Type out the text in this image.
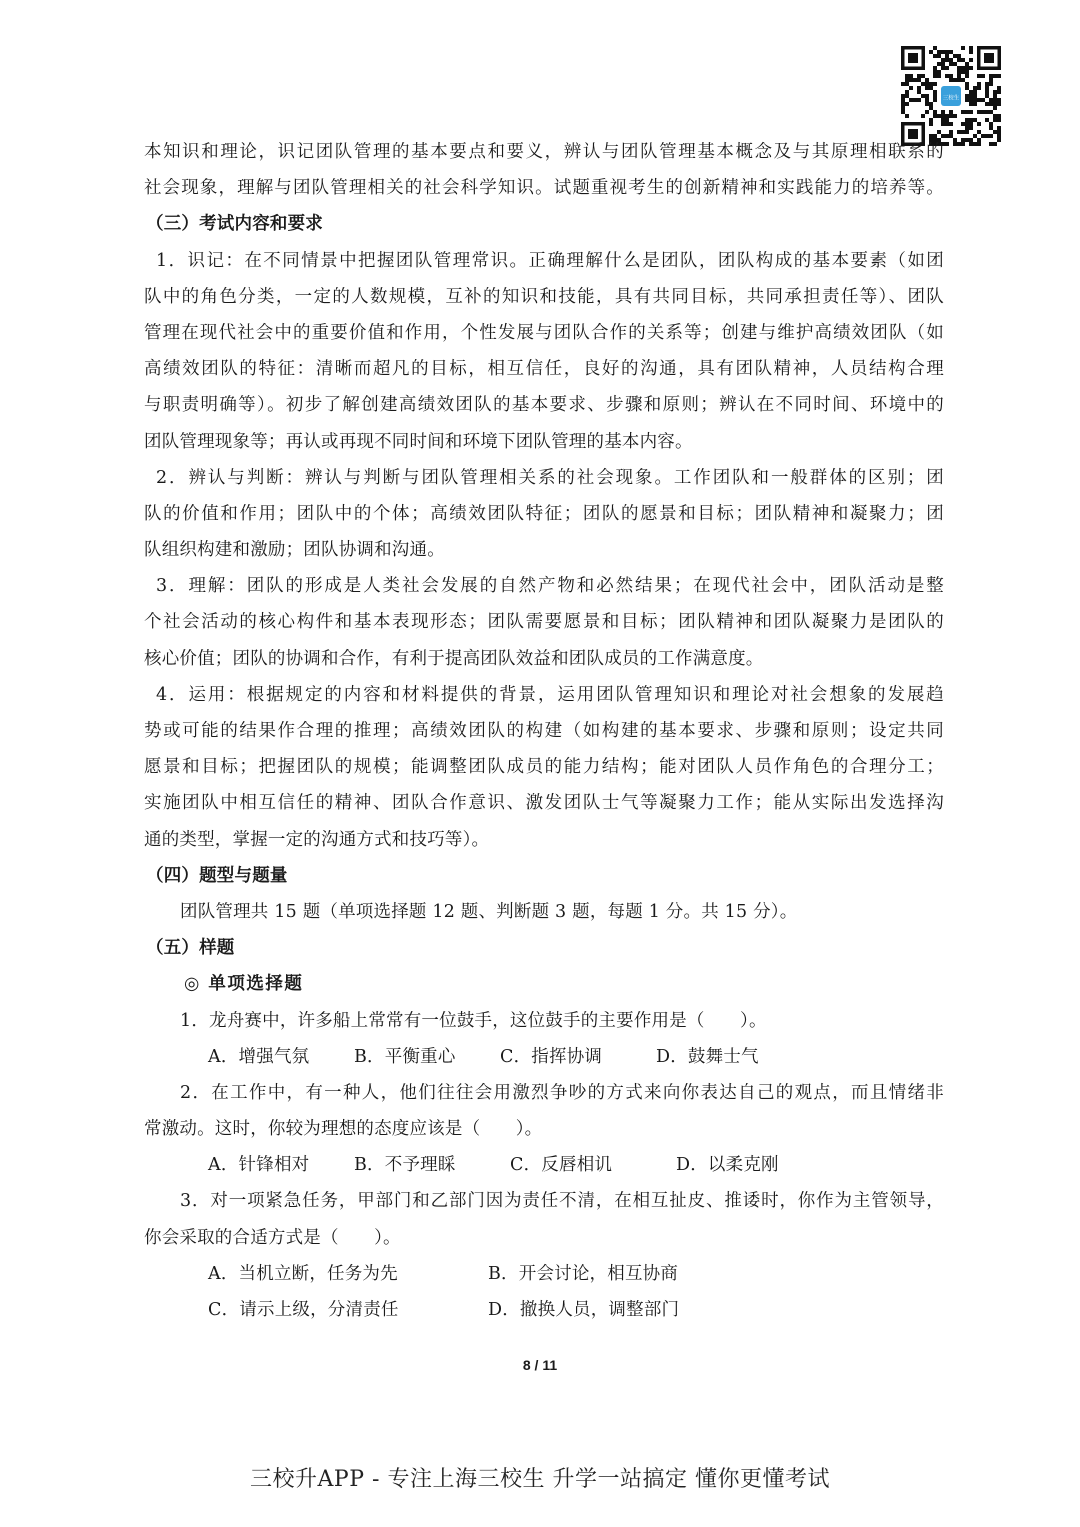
三校生
本知识和理论，识记团队管理的基本要点和要义，辨认与团队管理基本概念及与其原理相联系的
社会现象，理解与团队管理相关的社会科学知识。试题重视考生的创新精神和实践能力的培养等。
（三）考试内容和要求
1．识记：在不同情景中把握团队管理常识。正确理解什么是团队，团队构成的基本要素（如团
队中的角色分类，一定的人数规模，互补的知识和技能，具有共同目标，共同承担责任等）、团队
管理在现代社会中的重要价值和作用，个性发展与团队合作的关系等；创建与维护高绩效团队（如
高绩效团队的特征：清晰而超凡的目标，相互信任，良好的沟通，具有团队精神，人员结构合理
与职责明确等）。初步了解创建高绩效团队的基本要求、步骤和原则；辨认在不同时间、环境中的
团队管理现象等；再认或再现不同时间和环境下团队管理的基本内容。
2．辨认与判断：辨认与判断与团队管理相关系的社会现象。工作团队和一般群体的区别；团
队的价值和作用；团队中的个体；高绩效团队特征；团队的愿景和目标；团队精神和凝聚力；团
队组织构建和激励；团队协调和沟通。
3．理解：团队的形成是人类社会发展的自然产物和必然结果；在现代社会中，团队活动是整
个社会活动的核心构件和基本表现形态；团队需要愿景和目标；团队精神和团队凝聚力是团队的
核心价值；团队的协调和合作，有利于提高团队效益和团队成员的工作满意度。
4．运用：根据规定的内容和材料提供的背景，运用团队管理知识和理论对社会想象的发展趋
势或可能的结果作合理的推理；高绩效团队的构建（如构建的基本要求、步骤和原则；设定共同
愿景和目标；把握团队的规模；能调整团队成员的能力结构；能对团队人员作角色的合理分工；
实施团队中相互信任的精神、团队合作意识、激发团队士气等凝聚力工作；能从实际出发选择沟
通的类型，掌握一定的沟通方式和技巧等）。
（四）题型与题量
团队管理共 15 题（单项选择题 12 题、判断题 3 题，每题 1 分。共 15 分）。
（五）样题
◎ 单项选择题
1．龙舟赛中，许多船上常常有一位鼓手，这位鼓手的主要作用是（　　）。
A．增强气氛	B．平衡重心	C．指挥协调	D．鼓舞士气
2．在工作中，有一种人，他们往往会用激烈争吵的方式来向你表达自己的观点，而且情绪非
常激动。这时，你较为理想的态度应该是（　　）。
A．针锋相对	B．不予理睬	C．反唇相讥	D．以柔克刚
3．对一项紧急任务，甲部门和乙部门因为责任不清，在相互扯皮、推诿时，你作为主管领导，
你会采取的合适方式是（　　）。
A．当机立断，任务为先	B．开会讨论，相互协商
C．请示上级，分清责任	D．撤换人员，调整部门
8 / 11
三校升APP - 专注上海三校生 升学一站搞定 懂你更懂考试
